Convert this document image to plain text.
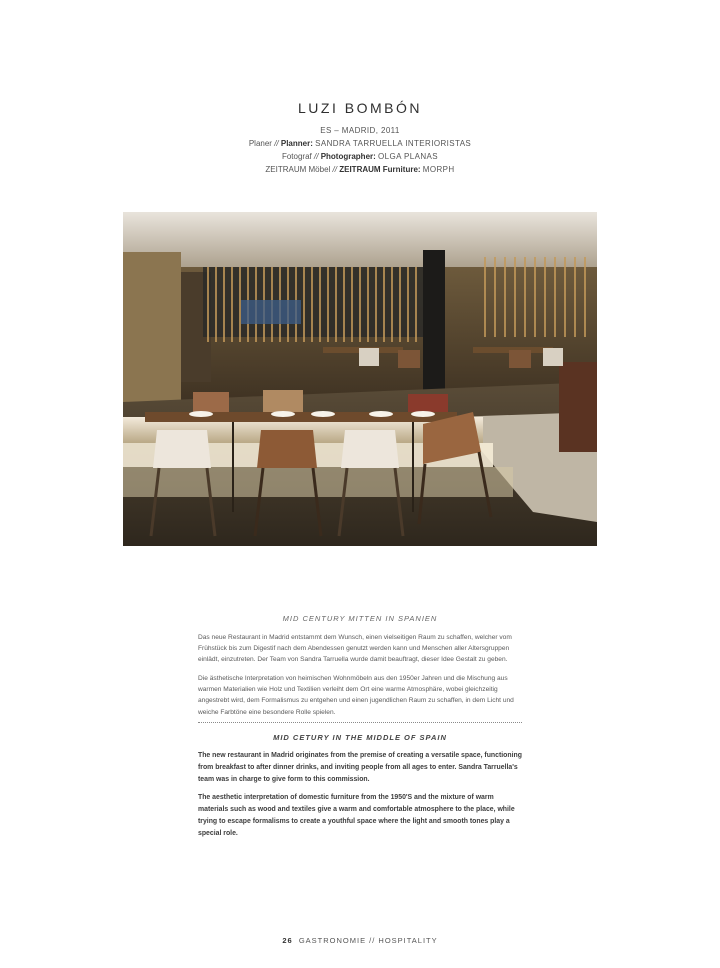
LUZI BOMBÓN
ES – MADRID, 2011
Planer // Planner: SANDRA TARRUELLA INTERIORISTAS
Fotograf // Photographer: OLGA PLANAS
ZEITRAUM Möbel // ZEITRAUM Furniture: MORPH
MID CENTURY MITTEN IN SPANIEN

Das neue Restaurant in Madrid entstammt dem Wunsch, einen vielseitigen Raum zu schaffen, welcher vom Frühstück bis zum Digestif nach dem Abendessen genutzt werden kann und Menschen aller Altersgruppen einlädt, einzutreten. Der Team von Sandra Tarruella wurde damit beauftragt, dieser Idee Gestalt zu geben.

Die ästhetische Interpretation von heimischen Wohnmöbeln aus den 1950er Jahren und die Mischung aus warmen Materialien wie Holz und Textilien verleiht dem Ort eine warme Atmosphäre, wobei gleichzeitig angestrebt wird, dem Formalismus zu entgehen und einen jugendlichen Raum zu schaffen, in dem Licht und weiche Farbtöne eine besondere Rolle spielen.

MID CETURY IN THE MIDDLE OF SPAIN

The new restaurant in Madrid originates from the premise of creating a versatile space, functioning from breakfast to after dinner drinks, and inviting people from all ages to enter. Sandra Tarruella's team was in charge to give form to this commission.

The aesthetic interpretation of domestic furniture from the 1950'S and the mixture of warm materials such as wood and textiles give a warm and comfortable atmosphere to the place, while trying to escape formalisms to create a youthful space where the light and smooth tones play a special role.

26 GASTRONOMIE // HOSPITALITY
